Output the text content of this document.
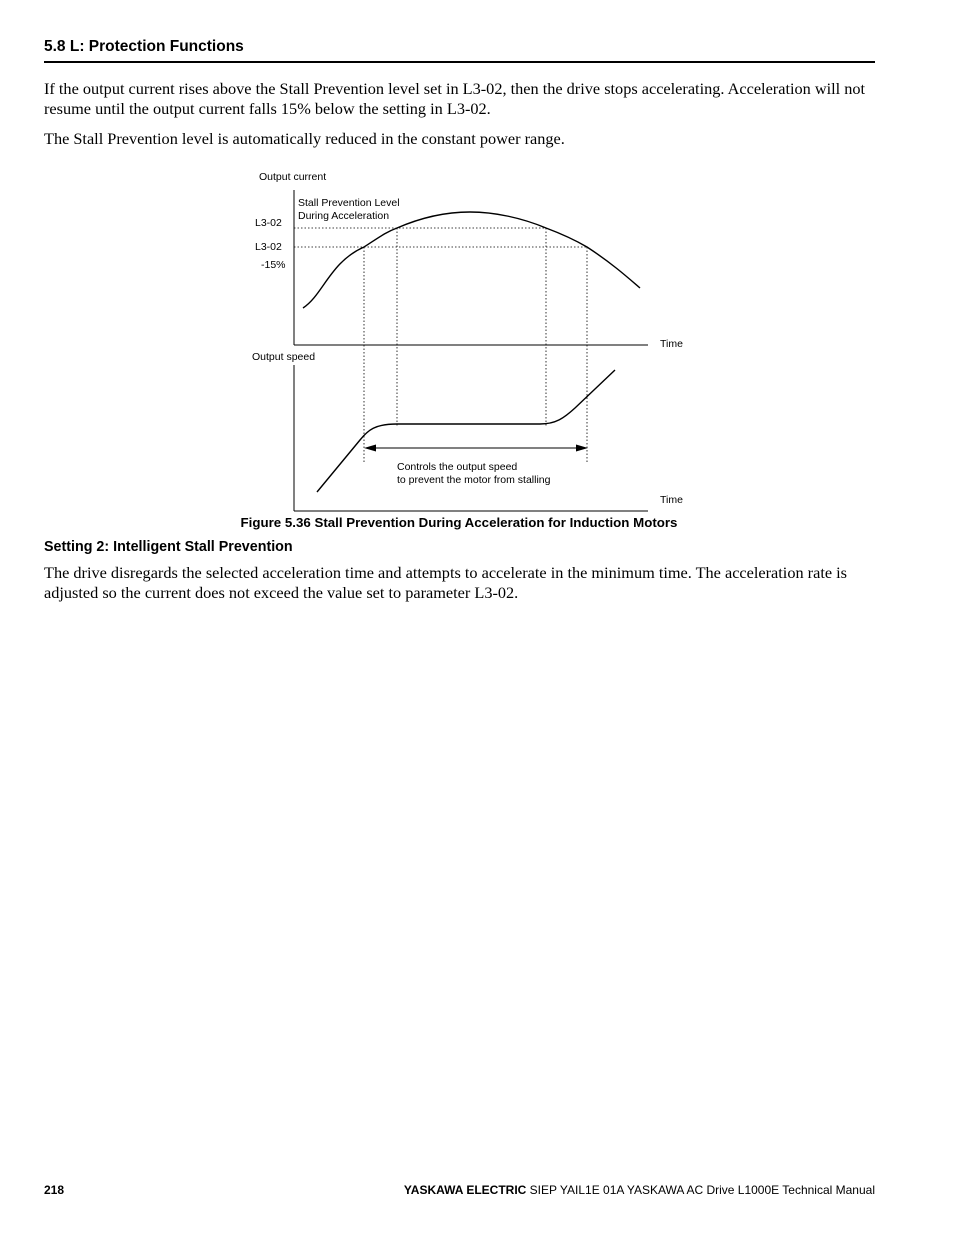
5.8 L: Protection Functions

If the output current rises above the Stall Prevention level set in L3-02, then the drive stops accelerating. Acceleration will not resume until the output current falls 15% below the setting in L3-02.

The Stall Prevention level is automatically reduced in the constant power range.

Output current
Stall Prevention Level
During Acceleration
L3-02
L3-02
-15%
Time
Output speed
Controls the output speed
to prevent the motor from stalling
Time
Figure 5.36 Stall Prevention During Acceleration for Induction Motors
Setting 2: Intelligent Stall Prevention

The drive disregards the selected acceleration time and attempts to accelerate in the minimum time. The acceleration rate is adjusted so the current does not exceed the value set to parameter L3-02.

218	YASKAWA ELECTRIC SIEP YAIL1E 01A YASKAWA AC Drive L1000E Technical Manual
